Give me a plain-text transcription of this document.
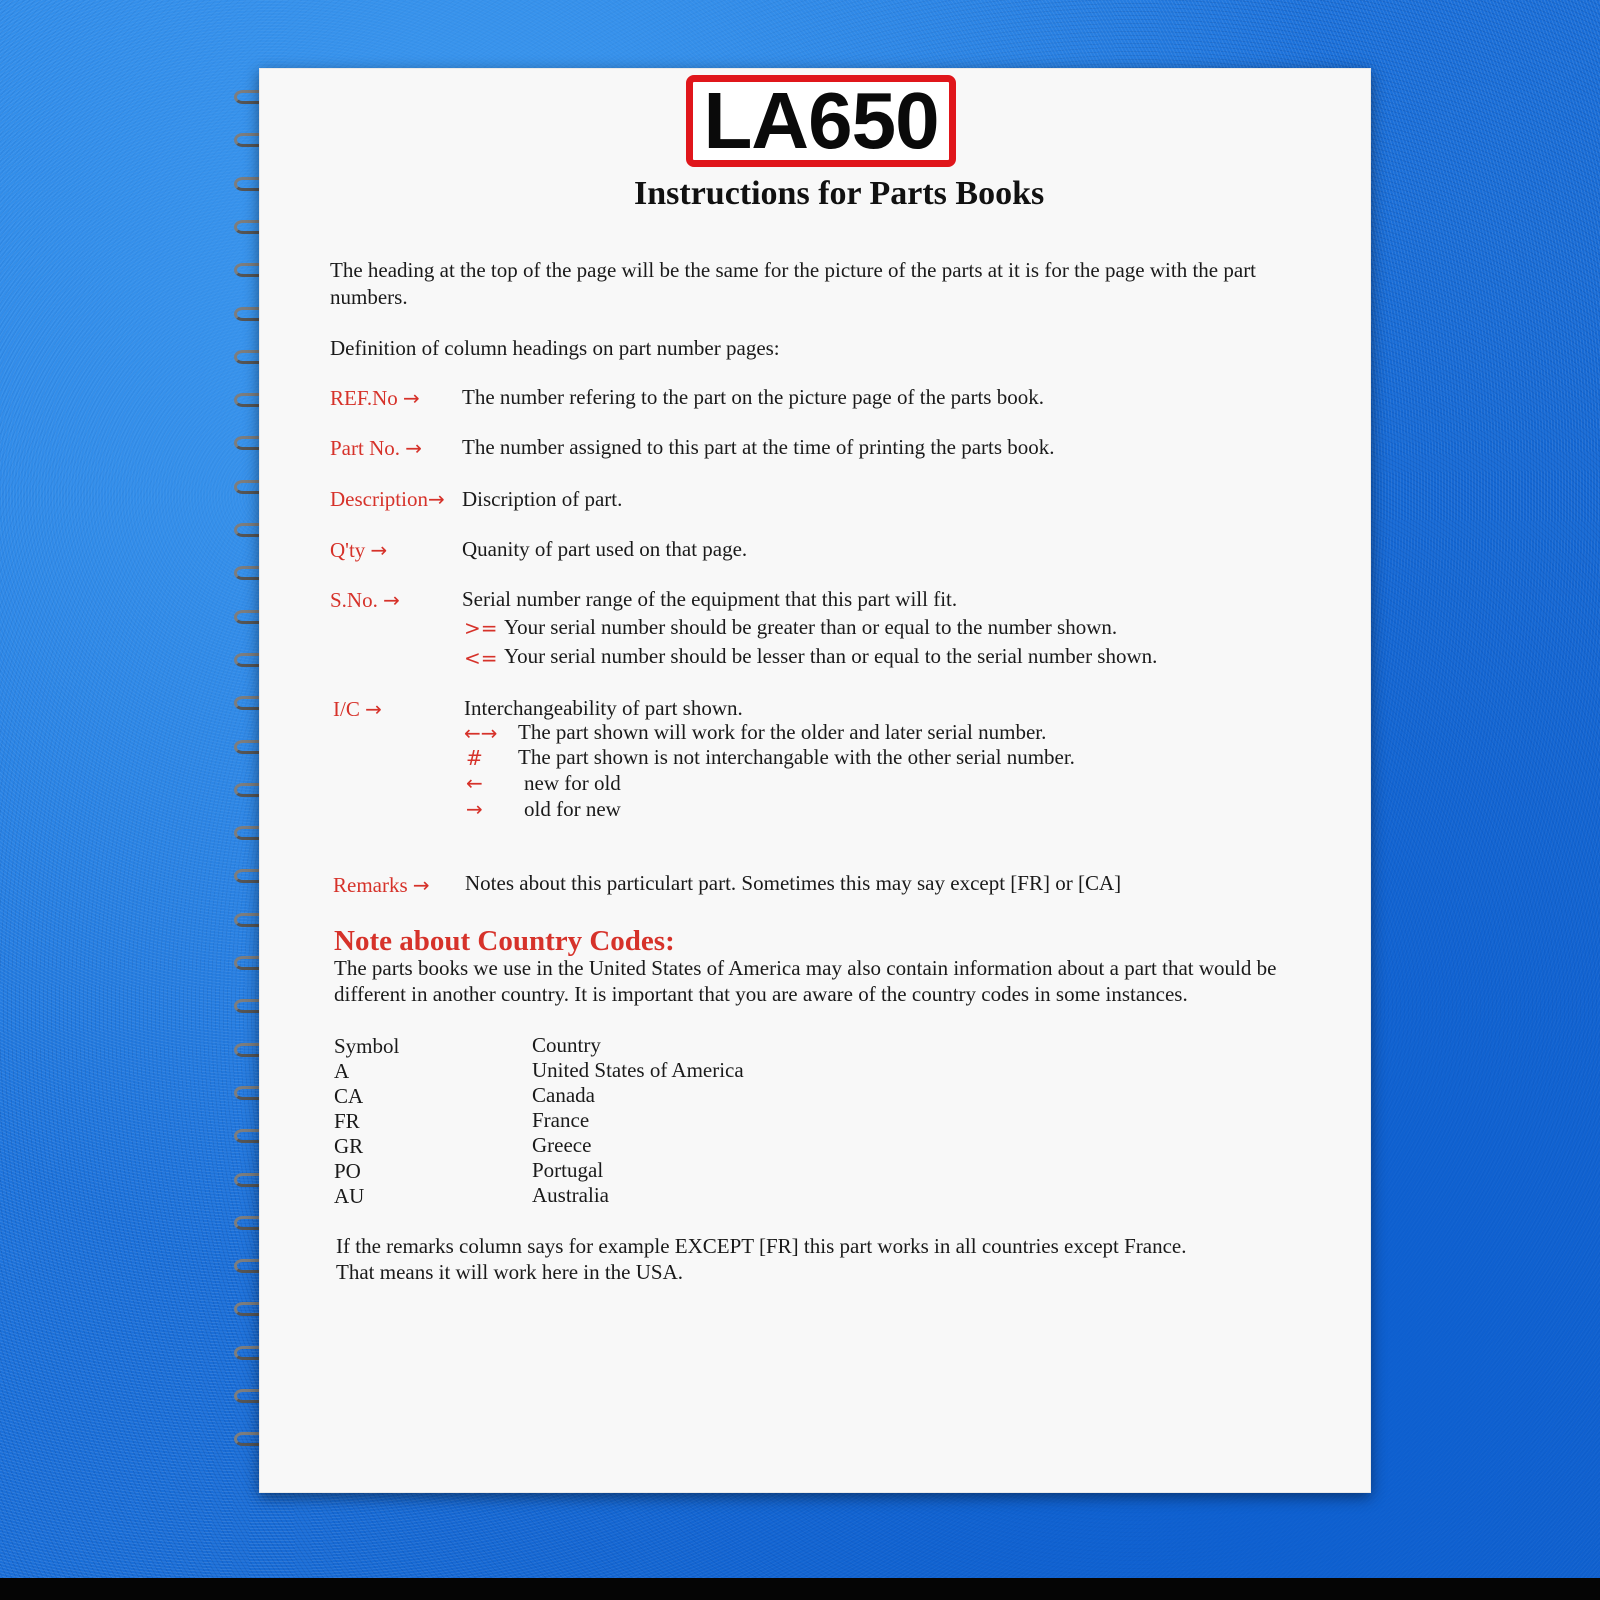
LA650
Instructions for Parts Books
The heading at the top of the page will be the same for the picture of the parts at it is for the page with the part
numbers.
Definition of column headings on part number pages:
REF.No → The number refering to the part on the picture page of the parts book.
Part No. → The number assigned to this part at the time of printing the parts book.
Description→ Discription of part.
Q'ty →	Quanity of part used on that page.
S.No. →	Serial number range of the equipment that this part will fit.
>= Your serial number should be greater than or equal to the number shown.
<= Your serial number should be lesser than or equal to the serial number shown.
I/C →	Interchangeability of part shown.
←→ The part shown will work for the older and later serial number.
# The part shown is not interchangable with the other serial number.
← new for old
→ old for new
Remarks → Notes about this particulart part. Sometimes this may say except [FR] or [CA]
Note about Country Codes:
The parts books we use in the United States of America may also contain information about a part that would be
different in another country. It is important that you are aware of the country codes in some instances.
Symbol	Country
A	United States of America
CA	Canada
FR	France
GR	Greece
PO	Portugal
AU	Australia
If the remarks column says for example EXCEPT [FR] this part works in all countries except France.
That means it will work here in the USA.
